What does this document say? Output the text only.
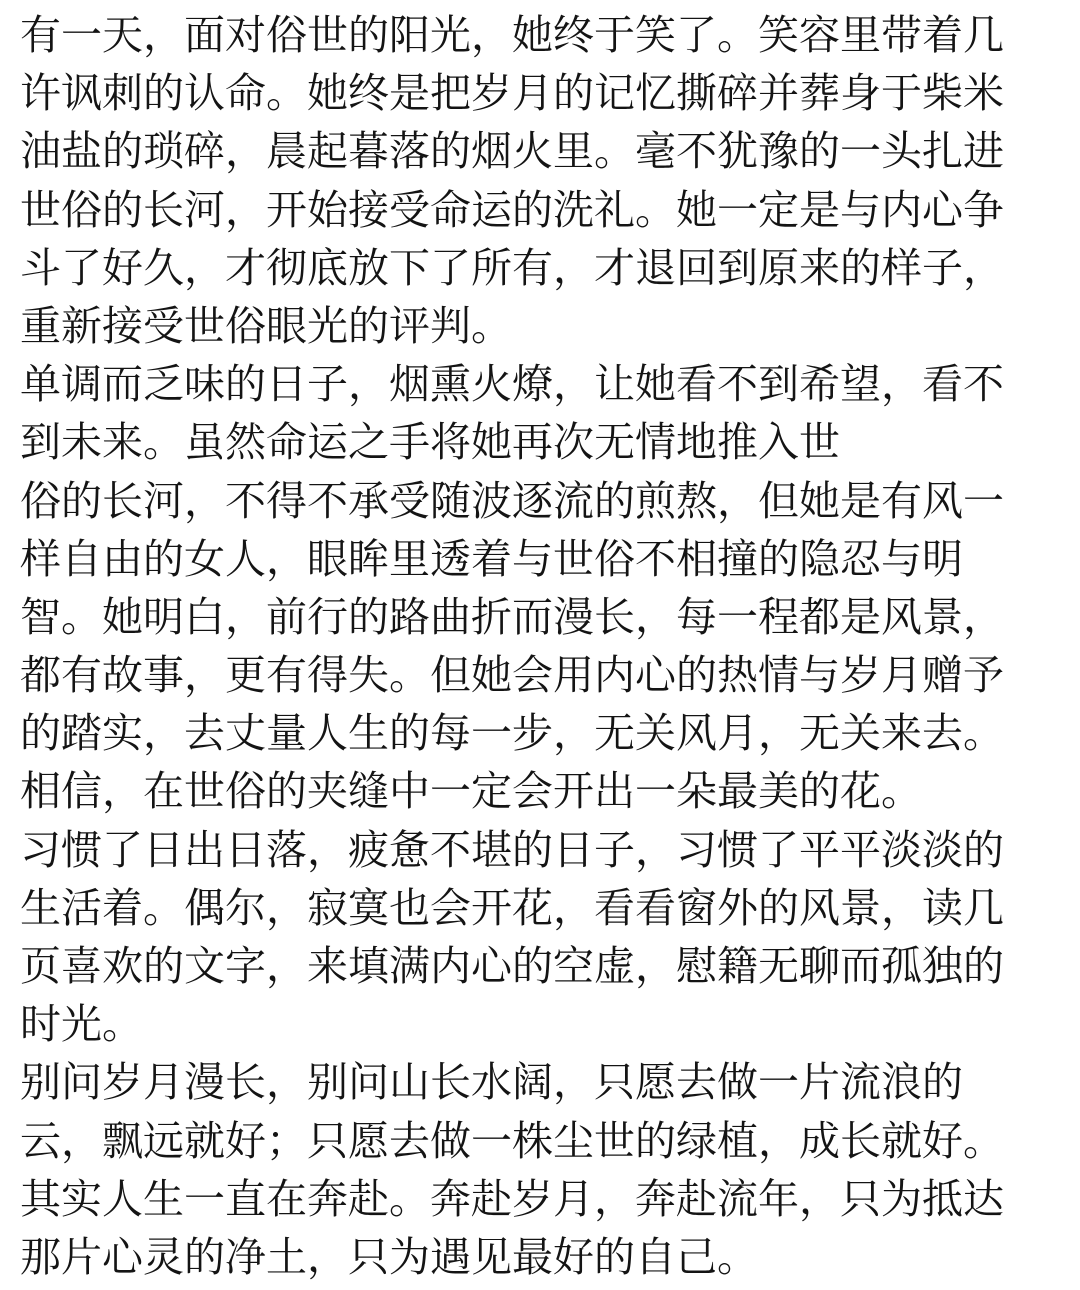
有一天，面对俗世的阳光，她终于笑了。笑容里带着几
许讽刺的认命。她终是把岁月的记忆撕碎并葬身于柴米
油盐的琐碎，晨起暮落的烟火里。毫不犹豫的一头扎进
世俗的长河，开始接受命运的洗礼。她一定是与内心争
斗了好久，才彻底放下了所有，才退回到原来的样子，
重新接受世俗眼光的评判。
单调而乏味的日子，烟熏火燎，让她看不到希望，看不
到未来。虽然命运之手将她再次无情地推入世
俗的长河，不得不承受随波逐流的煎熬，但她是有风一
样自由的女人，眼眸里透着与世俗不相撞的隐忍与明
智。她明白，前行的路曲折而漫长，每一程都是风景，
都有故事，更有得失。但她会用内心的热情与岁月赠予
的踏实，去丈量人生的每一步，无关风月，无关来去。
相信，在世俗的夹缝中一定会开出一朵最美的花。
习惯了日出日落，疲惫不堪的日子，习惯了平平淡淡的
生活着。偶尔，寂寞也会开花，看看窗外的风景，读几
页喜欢的文字，来填满内心的空虚，慰籍无聊而孤独的
时光。
别问岁月漫长，别问山长水阔，只愿去做一片流浪的
云，飘远就好；只愿去做一株尘世的绿植，成长就好。
其实人生一直在奔赴。奔赴岁月，奔赴流年，只为抵达
那片心灵的净土，只为遇见最好的自己。
